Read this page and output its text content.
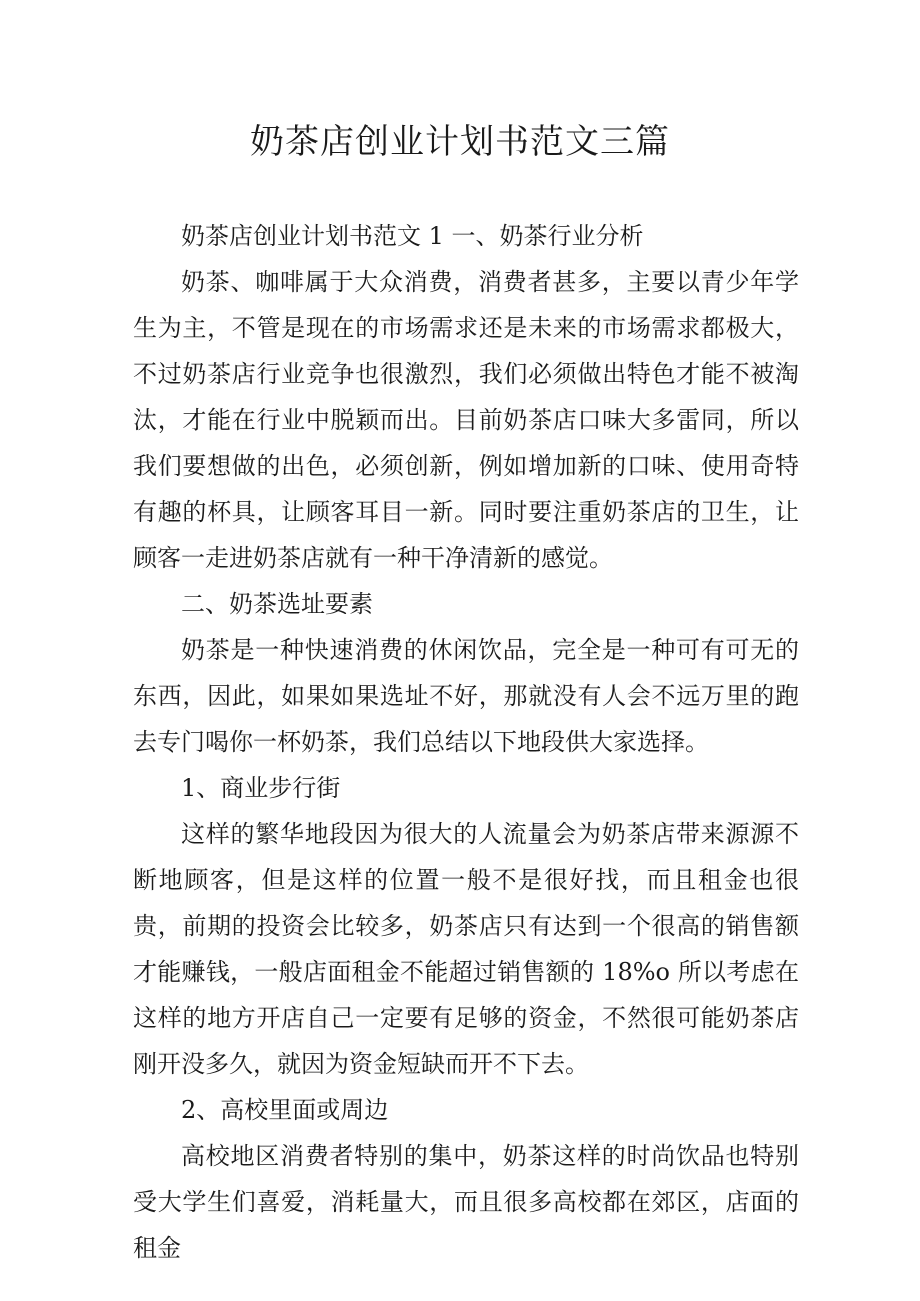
奶茶店创业计划书范文三篇

奶茶店创业计划书范文 1 一、奶茶行业分析

奶茶、咖啡属于大众消费，消费者甚多，主要以青少年学生为主，不管是现在的市场需求还是未来的市场需求都极大，不过奶茶店行业竞争也很激烈，我们必须做出特色才能不被淘汰，才能在行业中脱颖而出。目前奶茶店口味大多雷同，所以我们要想做的出色，必须创新，例如增加新的口味、使用奇特有趣的杯具，让顾客耳目一新。同时要注重奶茶店的卫生，让顾客一走进奶茶店就有一种干净清新的感觉。

二、奶茶选址要素

奶茶是一种快速消费的休闲饮品，完全是一种可有可无的东西，因此，如果如果选址不好，那就没有人会不远万里的跑去专门喝你一杯奶茶，我们总结以下地段供大家选择。

1、商业步行街

这样的繁华地段因为很大的人流量会为奶茶店带来源源不断地顾客，但是这样的位置一般不是很好找，而且租金也很贵，前期的投资会比较多，奶茶店只有达到一个很高的销售额才能赚钱，一般店面租金不能超过销售额的 18%o 所以考虑在这样的地方开店自己一定要有足够的资金，不然很可能奶茶店刚开没多久，就因为资金短缺而开不下去。

2、高校里面或周边

高校地区消费者特别的集中，奶茶这样的时尚饮品也特别受大学生们喜爱，消耗量大，而且很多高校都在郊区，店面的租金
